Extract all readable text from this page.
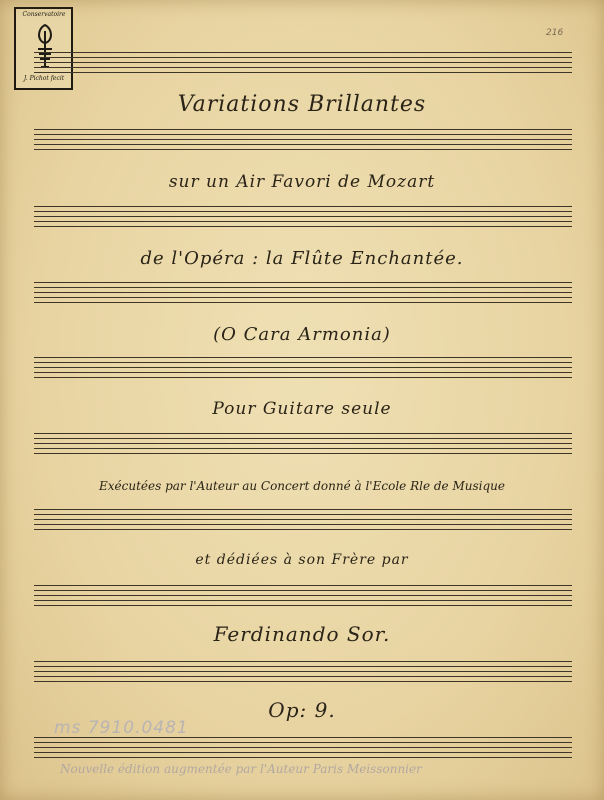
Conservatoire
J. Pichot fecit
216
Variations Brillantes
sur un Air Favori de Mozart
de l'Opéra : la Flûte Enchantée.
(O Cara Armonia)
Pour Guitare seule
Exécutées par l'Auteur au Concert donné à l'Ecole Rle de Musique
et dédiées à son Frère par
Ferdinando Sor.
Op: 9.
ms 7910.0481
Nouvelle édition augmentée par l'Auteur Paris Meissonnier
